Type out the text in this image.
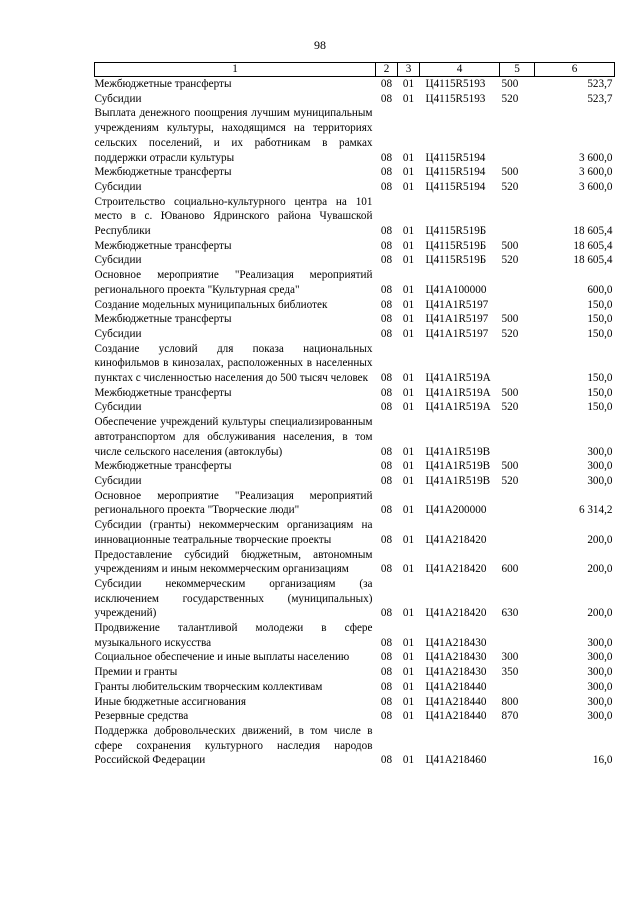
98
1	2	3	4	5	6
Межбюджетные трансферты	08	01	Ц4115R5193	500	523,7
Субсидии	08	01	Ц4115R5193	520	523,7
Выплата денежного поощрения лучшим муниципальным учреждениям культуры, находящимся на территориях сельских поселений, и их работникам в рамках поддержки отрасли культуры	08	01	Ц4115R5194		3 600,0
Межбюджетные трансферты	08	01	Ц4115R5194	500	3 600,0
Субсидии	08	01	Ц4115R5194	520	3 600,0
Строительство социально-культурного центра на 101 место в с. Юваново Ядринского района Чувашской Республики	08	01	Ц4115R519Б		18 605,4
Межбюджетные трансферты	08	01	Ц4115R519Б	500	18 605,4
Субсидии	08	01	Ц4115R519Б	520	18 605,4
Основное мероприятие "Реализация мероприятий регионального проекта "Культурная среда"	08	01	Ц41А100000		600,0
Создание модельных муниципальных библиотек	08	01	Ц41А1R5197		150,0
Межбюджетные трансферты	08	01	Ц41А1R5197	500	150,0
Субсидии	08	01	Ц41А1R5197	520	150,0
Создание условий для показа национальных кинофильмов в кинозалах, расположенных в населенных пунктах с численностью населения до 500 тысяч человек	08	01	Ц41А1R519А		150,0
Межбюджетные трансферты	08	01	Ц41А1R519А	500	150,0
Субсидии	08	01	Ц41А1R519А	520	150,0
Обеспечение учреждений культуры специализированным автотранспортом для обслуживания населения, в том числе сельского населения (автоклубы)	08	01	Ц41А1R519В		300,0
Межбюджетные трансферты	08	01	Ц41А1R519В	500	300,0
Субсидии	08	01	Ц41А1R519В	520	300,0
Основное мероприятие "Реализация мероприятий регионального проекта "Творческие люди"	08	01	Ц41А200000		6 314,2
Субсидии (гранты) некоммерческим организациям на инновационные театральные творческие проекты	08	01	Ц41А218420		200,0
Предоставление субсидий бюджетным, автономным учреждениям и иным некоммерческим организациям	08	01	Ц41А218420	600	200,0
Субсидии некоммерческим организациям (за исключением государственных (муниципальных) учреждений)	08	01	Ц41А218420	630	200,0
Продвижение талантливой молодежи в сфере музыкального искусства	08	01	Ц41А218430		300,0
Социальное обеспечение и иные выплаты населению	08	01	Ц41А218430	300	300,0
Премии и гранты	08	01	Ц41А218430	350	300,0
Гранты любительским творческим коллективам	08	01	Ц41А218440		300,0
Иные бюджетные ассигнования	08	01	Ц41А218440	800	300,0
Резервные средства	08	01	Ц41А218440	870	300,0
Поддержка добровольческих движений, в том числе в сфере сохранения культурного наследия народов Российской Федерации	08	01	Ц41А218460		16,0
